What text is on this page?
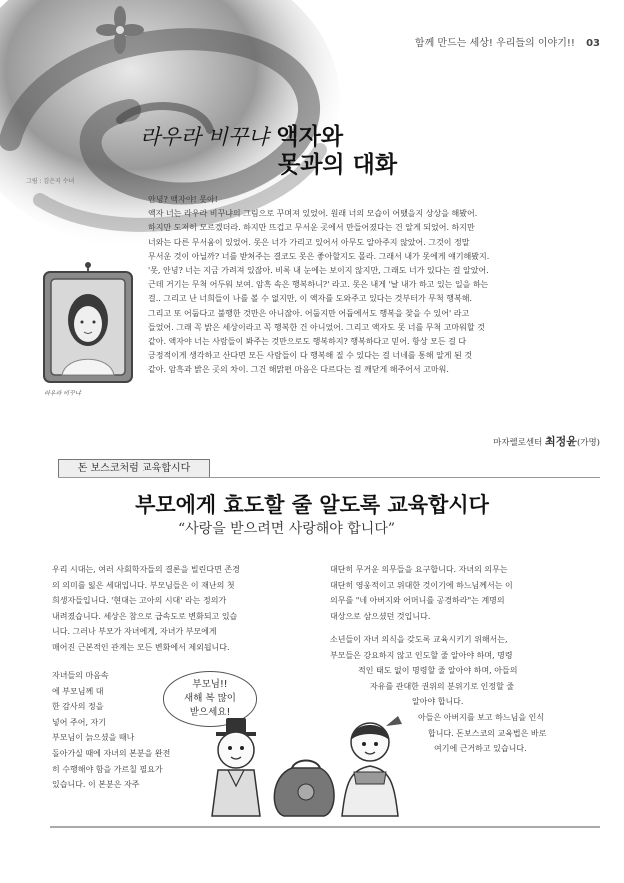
함께 만드는 세상! 우리들의 이야기!! 03
그림 : 김은지 수녀
라우라 비꾸냐 액자와
못과의 대화
라우라 비꾸냐

안녕? 액자야! 못아!

액자 너는 라우라 비꾸냐의 그림으로 꾸며져 있었어. 원래 너의 모습이 어땠을지 상상을 해봤어.

하지만 도저히 모르겠더라. 하지만 뜨겁고 무서운 곳에서 만들어졌다는 건 알게 되었어. 하지만

너와는 다른 무서움이 있었어. 못은 너가 가리고 있어서 아무도 알아주지 않았어. 그것이 정말

무서운 것이 아닐까? 너를 받쳐주는 결코도 못은 좋아할지도 몰라. 그래서 내가 못에게 얘기해봤지.

'못, 안녕? 너는 지금 가려져 있잖아. 비록 내 눈에는 보이지 않지만, 그래도 너가 있다는 걸 알았어.

근데 거기는 무척 어두워 보여. 암흑 속은 행복하니?' 라고. 못은 내게 '날 내가 하고 있는 일을 하는

걸.. 그리고 난 너희들이 나를 볼 수 없지만, 이 액자를 도와주고 있다는 것부터가 무척 행복해.

그리고 또 어둡다고 불행한 것만은 아니잖아. 어둡지만 어둡에서도 행복을 찾을 수 있어' 라고

들었어. 그래 꼭 밝은 세상이라고 꼭 행복한 건 아니었어. 그리고 액자도 못 너를 무척 고마워할 것

같아. 액자야 너는 사람들이 봐주는 것만으로도 행복하지? 행복하다고 믿어. 항상 모든 걸 다

긍정적이게 생각하고 산다면 모든 사람들이 다 행복해 질 수 있다는 걸 너네를 통해 알게 된 것

같아. 암흑과 밝은 곳의 차이. 그건 해맑편 마음은 다르다는 걸 깨닫게 해주어서 고마워.

마자렐로센터 최정윤(가명)
돈 보스코처럼 교육합시다
부모에게 효도할 줄 알도록 교육합시다
“사랑을 받으려면 사랑해야 합니다”

우리 시대는, 여러 사회학자들의 결론을 빌린다면 존경

의 의미를 잃은 세대입니다. 부모님들은 이 재난의 첫

희생자들입니다. '현대는 고아의 시대' 라는 정의가

내려졌습니다. 세상은 참으로 급속도로 변화되고 있습

니다. 그러나 부모가 자녀에게, 자녀가 부모에게

매어진 근본적인 관계는 모든 변화에서 제외됩니다.

자녀들의 마음속

에 부모님께 대

한 감사의 정을

넣어 주어, 자기

부모님이 늙으셨을 때나

돌아가실 때에 자녀의 본분을 완전

히 수행해야 함을 가르칠 필요가

있습니다. 이 본분은 자주

대단히 무거운 의무들을 요구합니다. 자녀의 의무는

대단히 영웅적이고 위대한 것이기에 하느님께서는 이

의무를 "네 아버지와 어머니를 공경하라"는 계명의

대상으로 삼으셨던 것입니다.

소년들이 자녀 의식을 갖도록 교육시키기 위해서는,

부모들은 강요하지 않고 인도할 줄 알아야 하며, 명령

적인 태도 없이 명령할 줄 알아야 하며, 아들의

자유를 관대한 권위의 분위기로 인정할 줄

알아야 합니다.

아들은 아버지를 보고 하느님을 인식

합니다. 돈보스코의 교육법은 바로

여기에 근거하고 있습니다.

부모님!!
새해 복 많이
받으세요!
